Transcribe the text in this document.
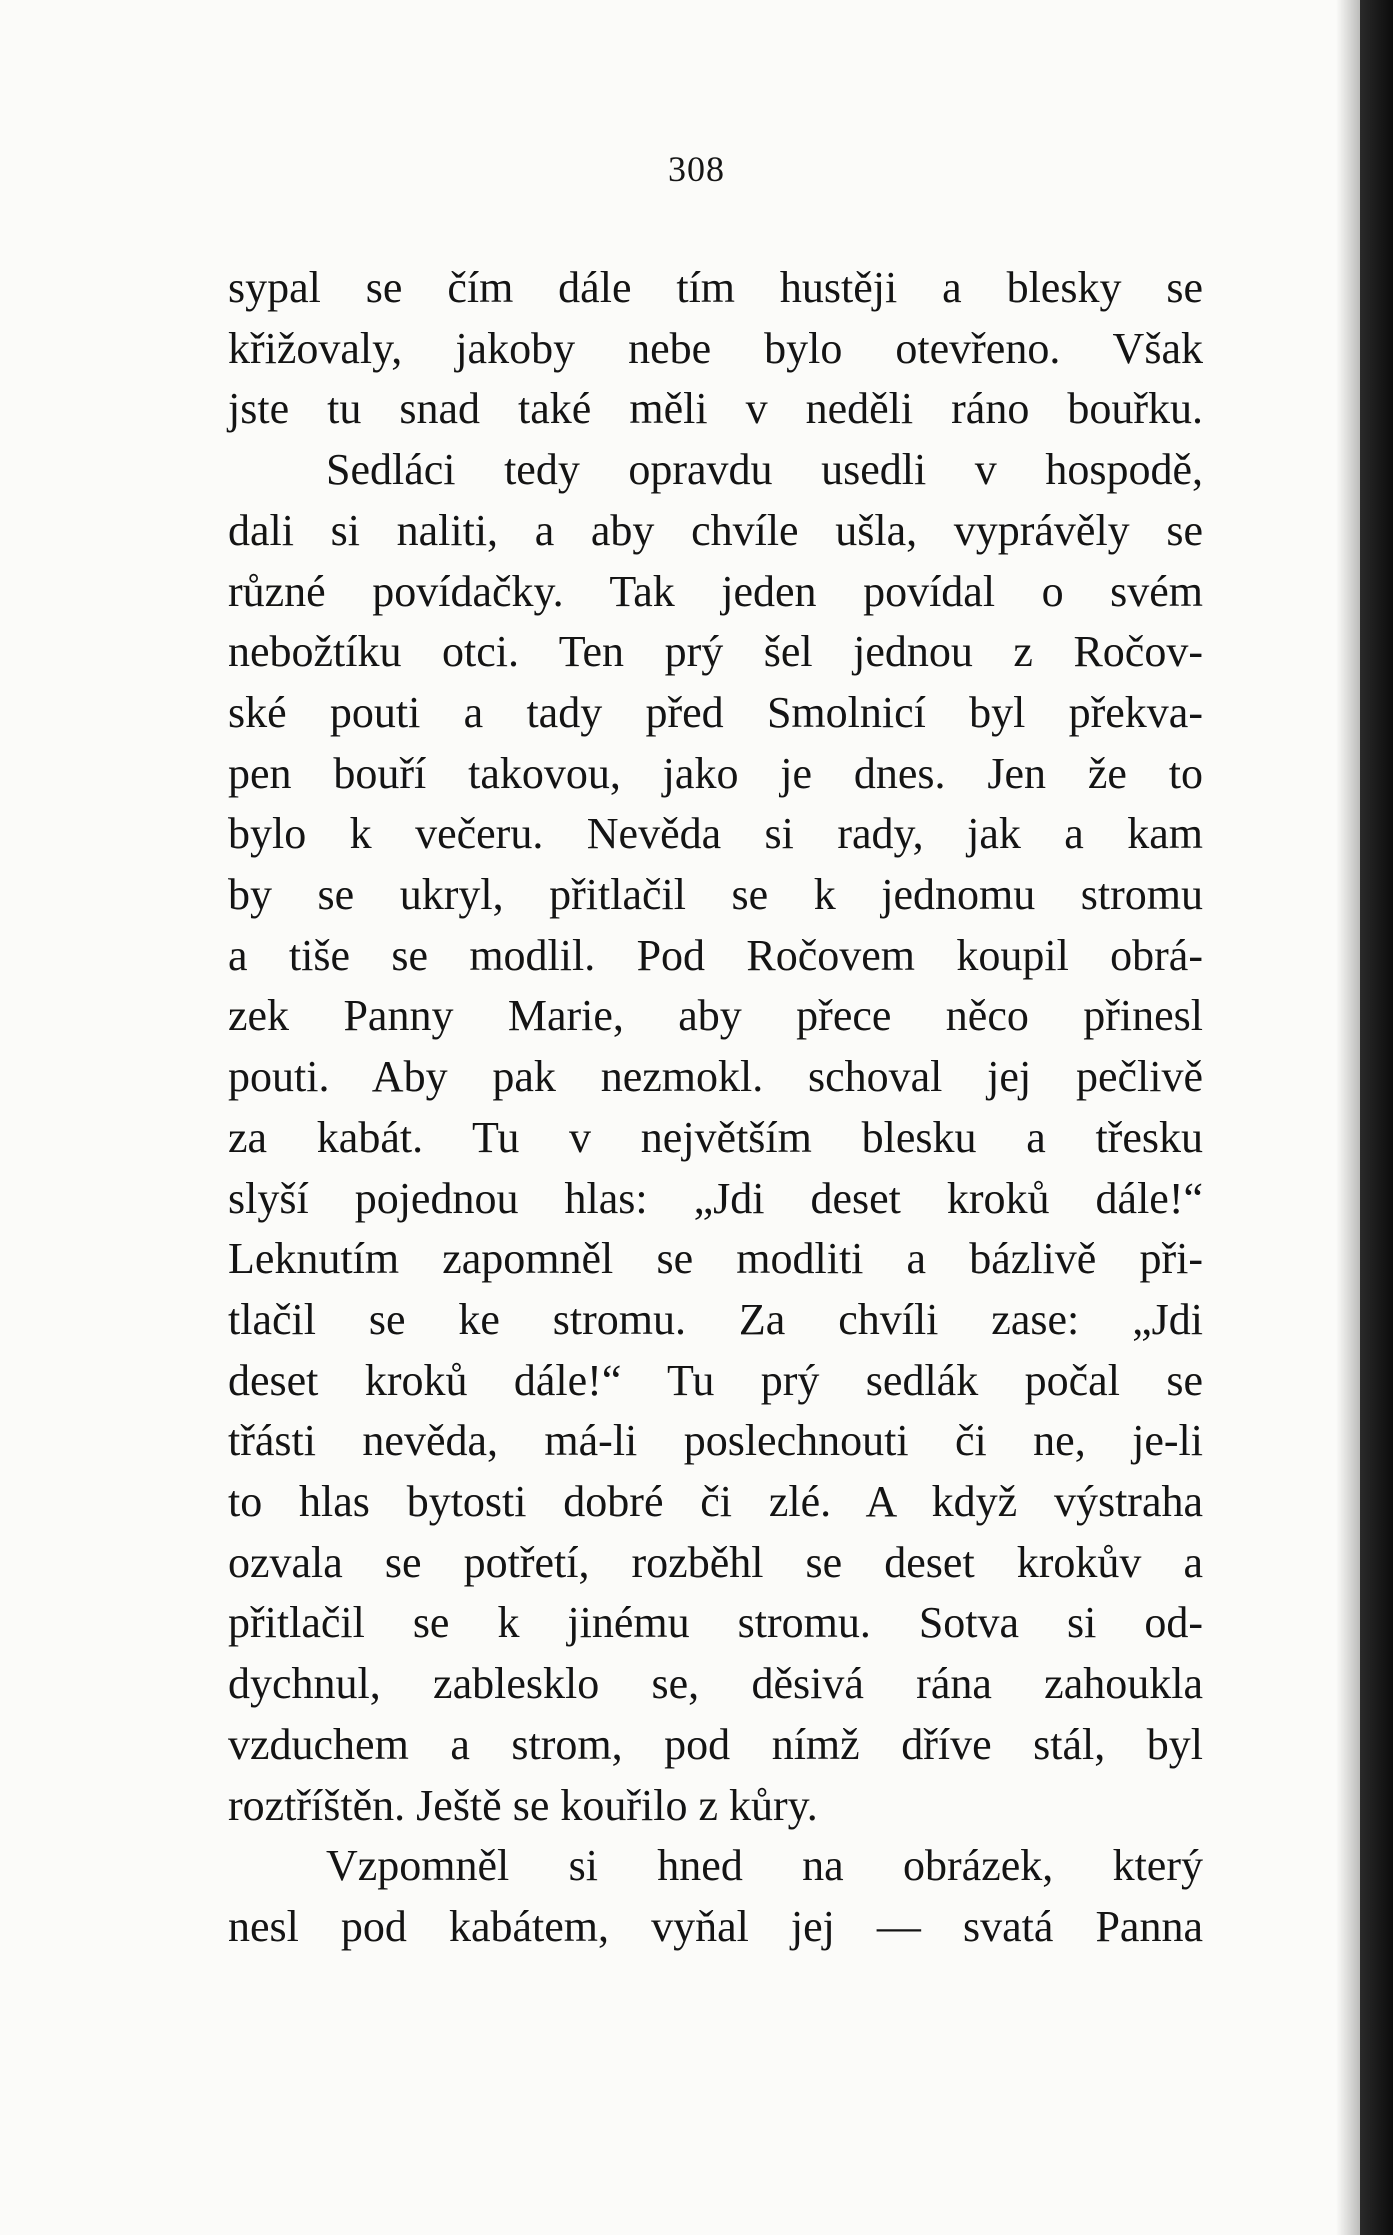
308
sypal se čím dále tím hustěji a blesky se
křižovaly, jakoby nebe bylo otevřeno. Však
jste tu snad také měli v neděli ráno bouřku.
Sedláci tedy opravdu usedli v hospodě,
dali si naliti, a aby chvíle ušla, vyprávěly se
různé povídačky. Tak jeden povídal o svém
nebožtíku otci. Ten prý šel jednou z Ročov-
ské pouti a tady před Smolnicí byl překva-
pen bouří takovou, jako je dnes. Jen že to
bylo k večeru. Nevěda si rady, jak a kam
by se ukryl, přitlačil se k jednomu stromu
a tiše se modlil. Pod Ročovem koupil obrá-
zek Panny Marie, aby přece něco přinesl
pouti. Aby pak nezmokl. schoval jej pečlivě
za kabát. Tu v největším blesku a třesku
slyší pojednou hlas: „Jdi deset kroků dále!“
Leknutím zapomněl se modliti a bázlivě při-
tlačil se ke stromu. Za chvíli zase: „Jdi
deset kroků dále!“ Tu prý sedlák počal se
třásti nevěda, má-li poslechnouti či ne, je-li
to hlas bytosti dobré či zlé. A když výstraha
ozvala se potřetí, rozběhl se deset krokův a
přitlačil se k jinému stromu. Sotva si od-
dychnul, zablesklo se, děsivá rána zahoukla
vzduchem a strom, pod nímž dříve stál, byl
roztříštěn. Ještě se kouřilo z kůry.
Vzpomněl si hned na obrázek, který
nesl pod kabátem, vyňal jej — svatá Panna
